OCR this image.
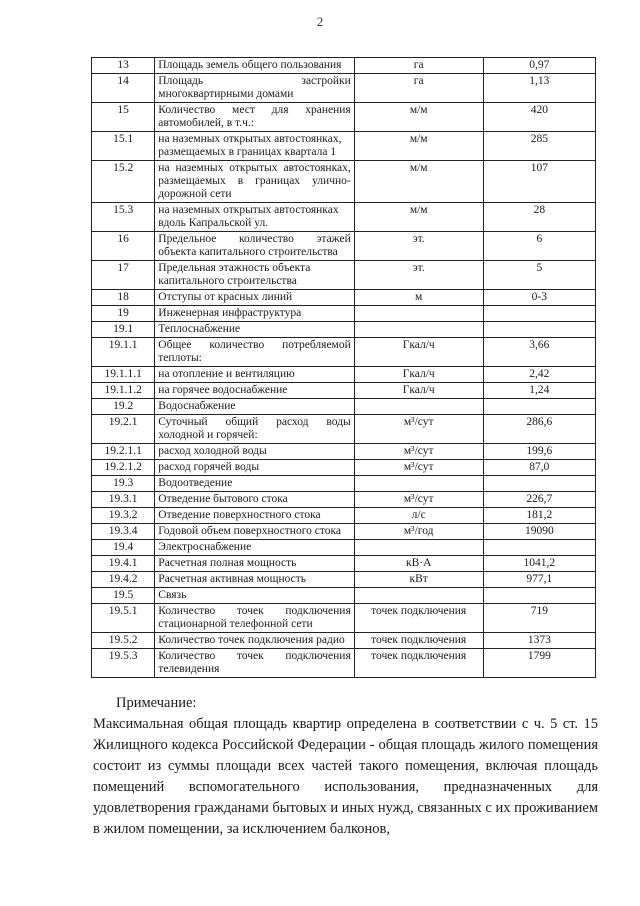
2
13	Площадь земель общего пользования	га	0,97
14	Площадь застройки многоквартирными домами	га	1,13
15	Количество мест для хранения автомобилей, в т.ч.:	м/м	420
15.1	на наземных открытых автостоянках, размещаемых в границах квартала 1	м/м	285
15.2	на наземных открытых автостоянках, размещаемых в границах улично-дорожной сети	м/м	107
15.3	на наземных открытых автостоянках вдоль Капральской ул.	м/м	28
16	Предельное количество этажей объекта капитального строительства	эт.	6
17	Предельная этажность объекта капитального строительства	эт.	5
18	Отступы от красных линий	м	0-3
19	Инженерная инфраструктура		
19.1	Теплоснабжение		
19.1.1	Общее количество потребляемой теплоты:	Гкал/ч	3,66
19.1.1.1	на отопление и вентиляцию	Гкал/ч	2,42
19.1.1.2	на горячее водоснабжение	Гкал/ч	1,24
19.2	Водоснабжение		
19.2.1	Суточный общий расход воды холодной и горячей:	м³/сут	286,6
19.2.1.1	расход холодной воды	м³/сут	199,6
19.2.1.2	расход горячей воды	м³/сут	87,0
19.3	Водоотведение		
19.3.1	Отведение бытового стока	м³/сут	226,7
19.3.2	Отведение поверхностного стока	л/с	181,2
19.3.4	Годовой объем поверхностного стока	м³/год	19090
19.4	Электроснабжение		
19.4.1	Расчетная полная мощность	кВ·А	1041,2
19.4.2	Расчетная активная мощность	кВт	977,1
19.5	Связь		
19.5.1	Количество точек подключения стационарной телефонной сети	точек подключения	719
19.5.2	Количество точек подключения радио	точек подключения	1373
19.5.3	Количество точек подключения телевидения	точек подключения	1799
Примечание:
Максимальная общая площадь квартир определена в соответствии с ч. 5 ст. 15 Жилищного кодекса Российской Федерации - общая площадь жилого помещения состоит из суммы площади всех частей такого помещения, включая площадь помещений вспомогательного использования, предназначенных для удовлетворения гражданами бытовых и иных нужд, связанных с их проживанием в жилом помещении, за исключением балконов,
